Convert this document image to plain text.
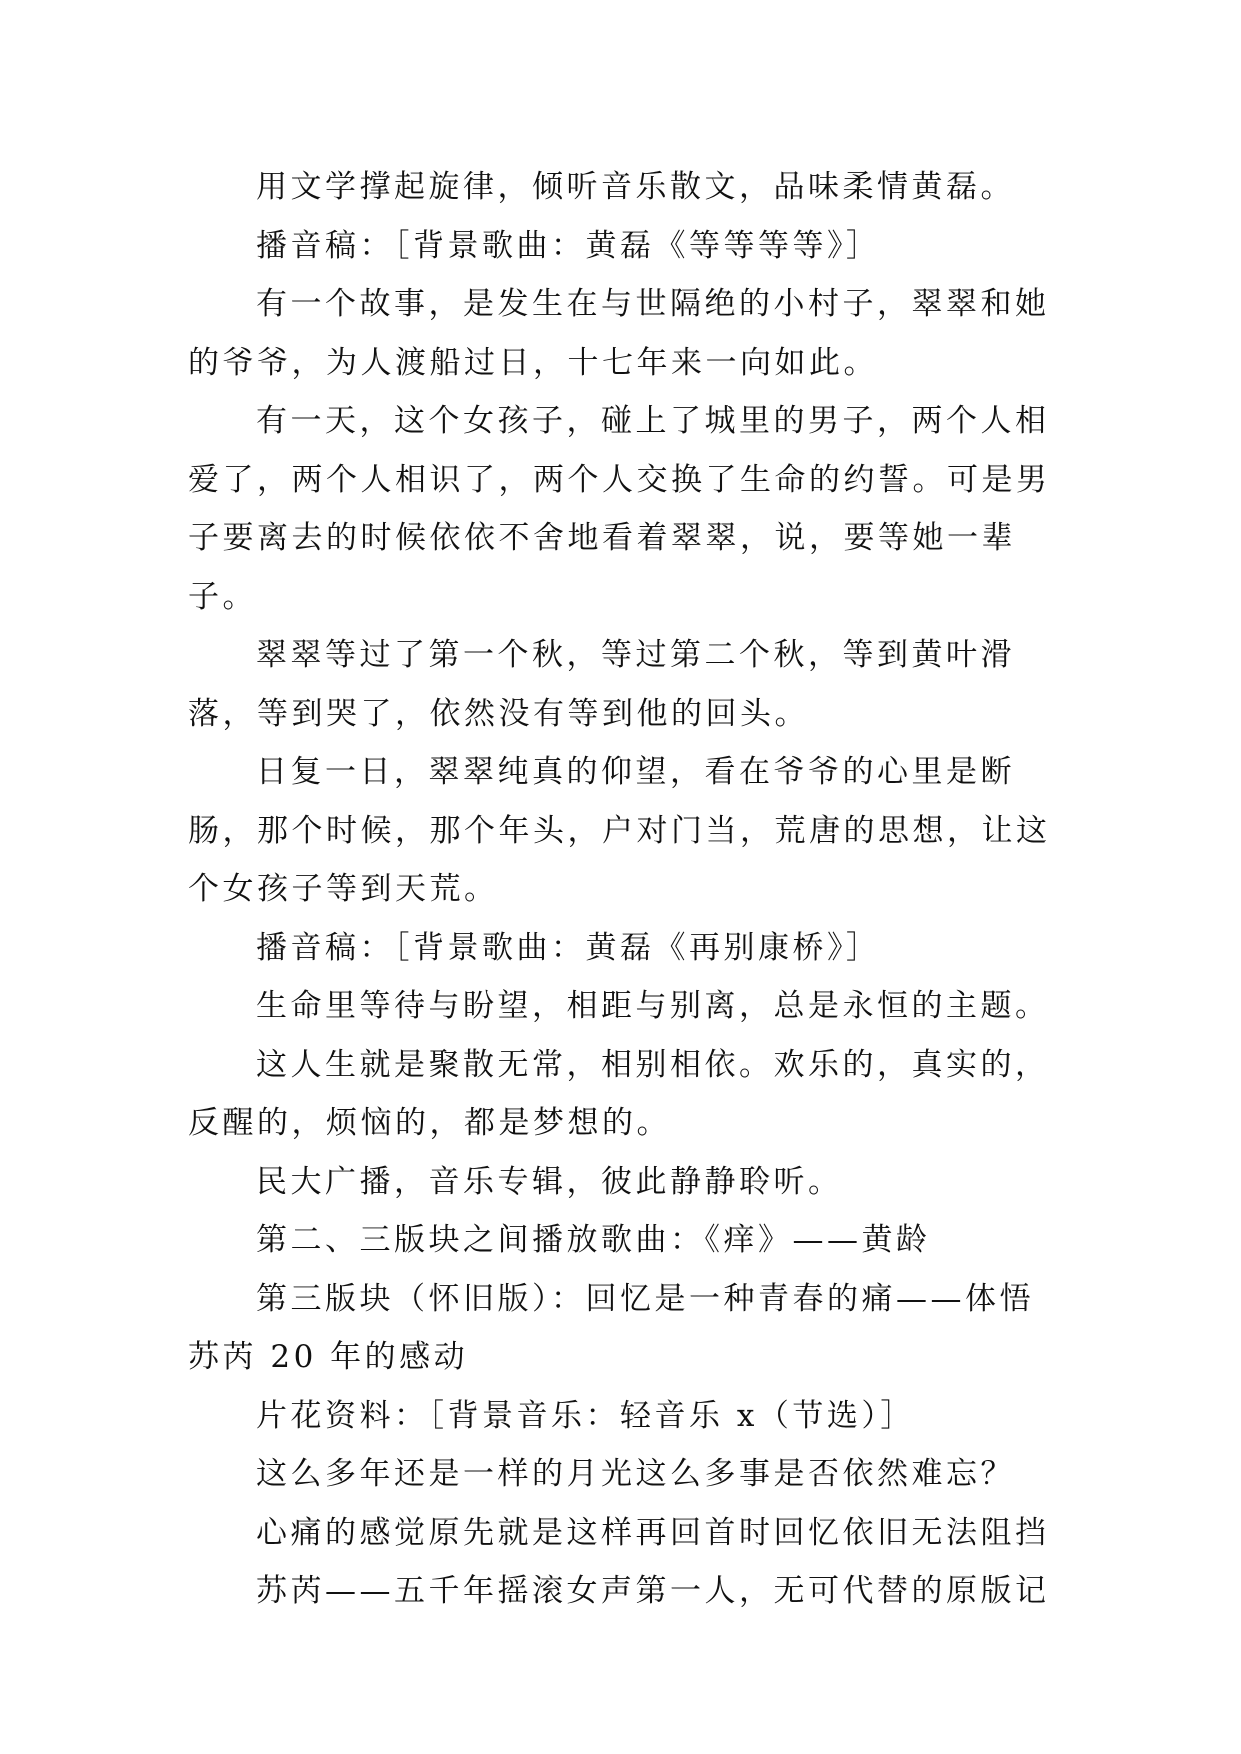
用文学撑起旋律，倾听音乐散文，品味柔情黄磊。

播音稿：［背景歌曲：黄磊《等等等等》］

有一个故事，是发生在与世隔绝的小村子，翠翠和她的爷爷，为人渡船过日，十七年来一向如此。

有一天，这个女孩子，碰上了城里的男子，两个人相爱了，两个人相识了，两个人交换了生命的约誓。可是男子要离去的时候依依不舍地看着翠翠，说，要等她一辈子。

翠翠等过了第一个秋，等过第二个秋，等到黄叶滑落，等到哭了，依然没有等到他的回头。

日复一日，翠翠纯真的仰望，看在爷爷的心里是断肠，那个时候，那个年头，户对门当，荒唐的思想，让这个女孩子等到天荒。

播音稿：［背景歌曲：黄磊《再别康桥》］

生命里等待与盼望，相距与别离，总是永恒的主题。

这人生就是聚散无常，相别相依。欢乐的，真实的，反醒的，烦恼的，都是梦想的。

民大广播，音乐专辑，彼此静静聆听。

第二、三版块之间播放歌曲：《痒》——黄龄

第三版块（怀旧版）：回忆是一种青春的痛——体悟苏芮 20 年的感动

片花资料：［背景音乐：轻音乐 x（节选）］

这么多年还是一样的月光这么多事是否依然难忘？

心痛的感觉原先就是这样再回首时回忆依旧无法阻挡

苏芮——五千年摇滚女声第一人，无可代替的原版记
